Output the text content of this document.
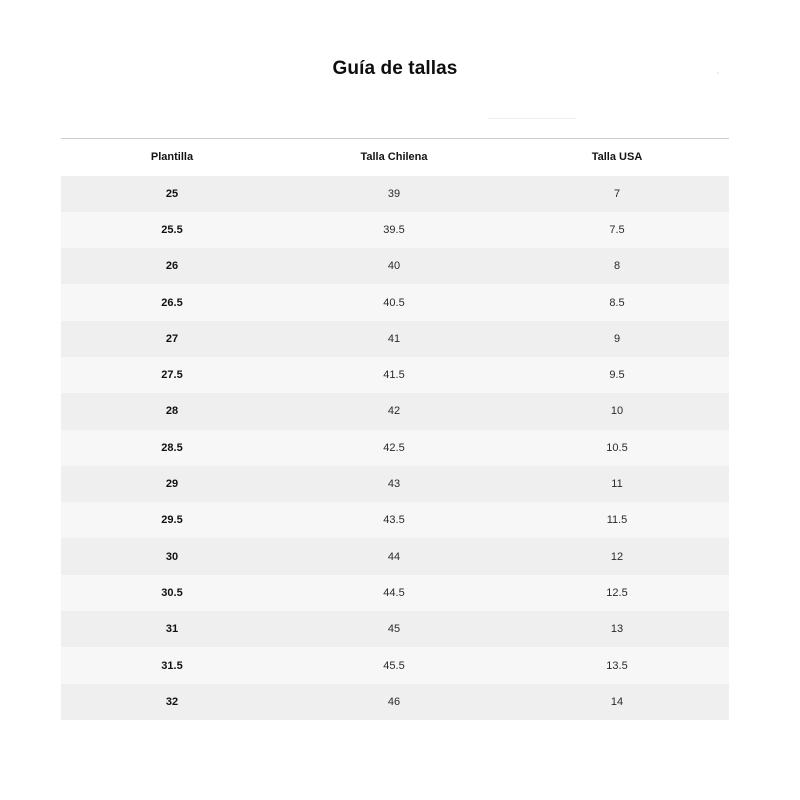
Guía de tallas
Plantilla	Talla Chilena	Talla USA
25	39	7
25.5	39.5	7.5
26	40	8
26.5	40.5	8.5
27	41	9
27.5	41.5	9.5
28	42	10
28.5	42.5	10.5
29	43	11
29.5	43.5	11.5
30	44	12
30.5	44.5	12.5
31	45	13
31.5	45.5	13.5
32	46	14
